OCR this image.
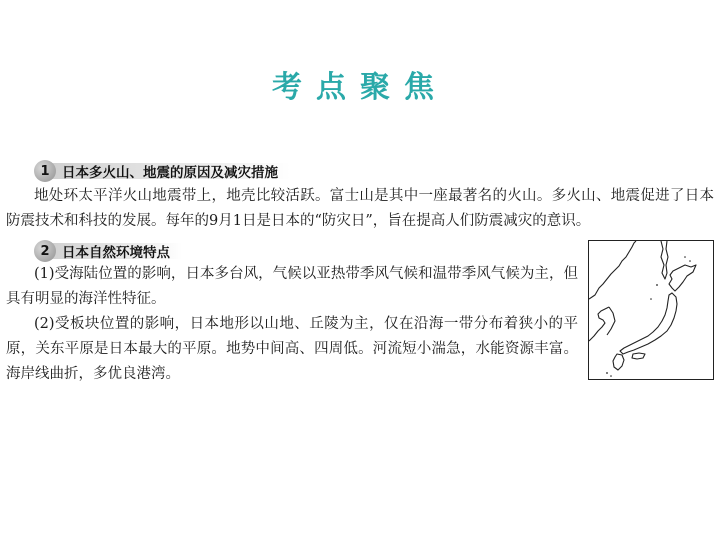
考点聚焦
1 日本多火山、地震的原因及减灾措施

地处环太平洋火山地震带上，地壳比较活跃。富士山是其中一座最著名的火山。多火山、地震促进了日本防震技术和科技的发展。每年的9月1日是日本的“防灾日”，旨在提高人们防震减灾的意识。

2 日本自然环境特点

(1)受海陆位置的影响，日本多台风，气候以亚热带季风气候和温带季风气候为主，但具有明显的海洋性特征。

(2)受板块位置的影响，日本地形以山地、丘陵为主，仅在沿海一带分布着狭小的平原，关东平原是日本最大的平原。地势中间高、四周低。河流短小湍急，水能资源丰富。海岸线曲折，多优良港湾。
